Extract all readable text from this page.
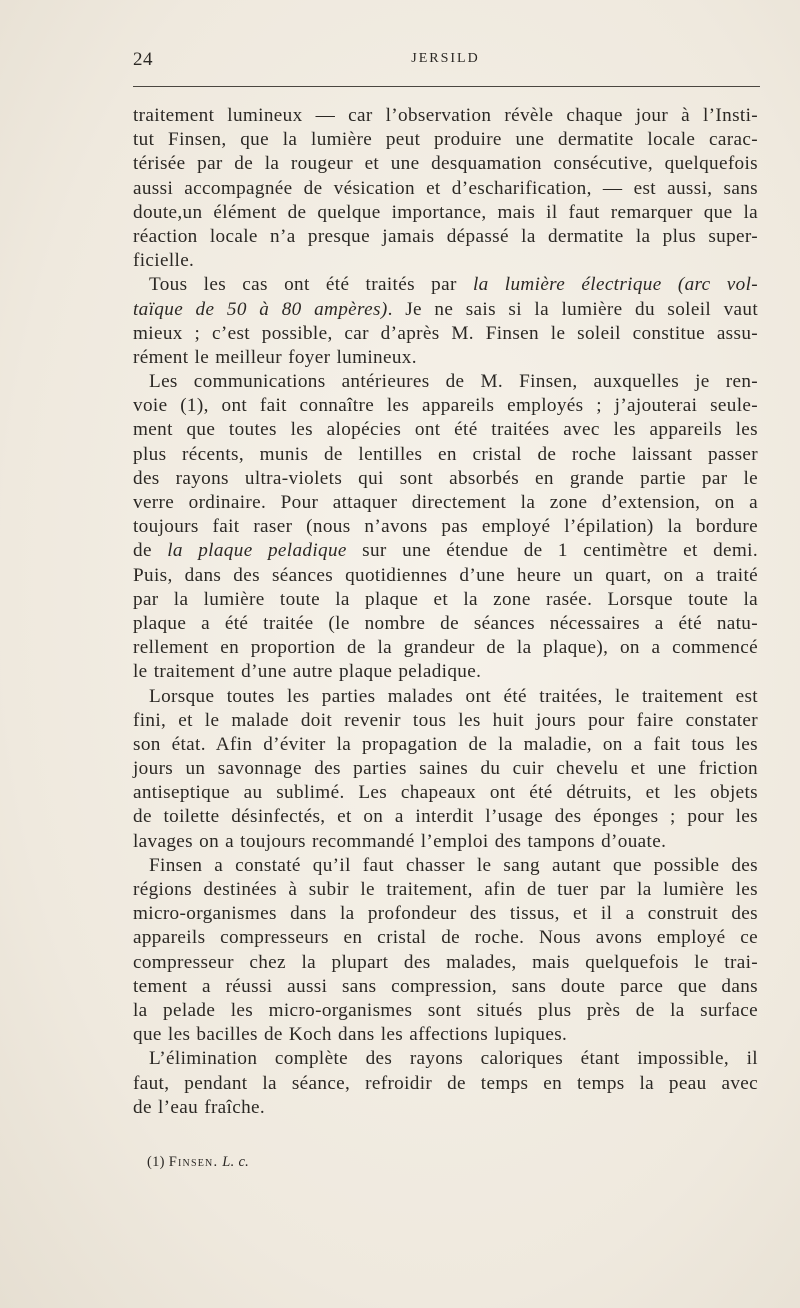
24	JERSILD
traitement lumineux — car l’observation révèle chaque jour à l’Insti-
tut Finsen, que la lumière peut produire une dermatite locale carac-
térisée par de la rougeur et une desquamation consécutive, quelquefois
aussi accompagnée de vésication et d’escharification, — est aussi, sans
doute,un élément de quelque importance, mais il faut remarquer que la
réaction locale n’a presque jamais dépassé la dermatite la plus super-
ficielle.
Tous les cas ont été traités par la lumière électrique (arc vol-
taïque de 50 à 80 ampères). Je ne sais si la lumière du soleil vaut
mieux ; c’est possible, car d’après M. Finsen le soleil constitue assu-
rément le meilleur foyer lumineux.
Les communications antérieures de M. Finsen, auxquelles je ren-
voie (1), ont fait connaître les appareils employés ; j’ajouterai seule-
ment que toutes les alopécies ont été traitées avec les appareils les
plus récents, munis de lentilles en cristal de roche laissant passer
des rayons ultra-violets qui sont absorbés en grande partie par le
verre ordinaire. Pour attaquer directement la zone d’extension, on a
toujours fait raser (nous n’avons pas employé l’épilation) la bordure
de la plaque peladique sur une étendue de 1 centimètre et demi.
Puis, dans des séances quotidiennes d’une heure un quart, on a traité
par la lumière toute la plaque et la zone rasée. Lorsque toute la
plaque a été traitée (le nombre de séances nécessaires a été natu-
rellement en proportion de la grandeur de la plaque), on a commencé
le traitement d’une autre plaque peladique.
Lorsque toutes les parties malades ont été traitées, le traitement est
fini, et le malade doit revenir tous les huit jours pour faire constater
son état. Afin d’éviter la propagation de la maladie, on a fait tous les
jours un savonnage des parties saines du cuir chevelu et une friction
antiseptique au sublimé. Les chapeaux ont été détruits, et les objets
de toilette désinfectés, et on a interdit l’usage des éponges ; pour les
lavages on a toujours recommandé l’emploi des tampons d’ouate.
Finsen a constaté qu’il faut chasser le sang autant que possible des
régions destinées à subir le traitement, afin de tuer par la lumière les
micro-organismes dans la profondeur des tissus, et il a construit des
appareils compresseurs en cristal de roche. Nous avons employé ce
compresseur chez la plupart des malades, mais quelquefois le trai-
tement a réussi aussi sans compression, sans doute parce que dans
la pelade les micro-organismes sont situés plus près de la surface
que les bacilles de Koch dans les affections lupiques.
L’élimination complète des rayons caloriques étant impossible, il
faut, pendant la séance, refroidir de temps en temps la peau avec
de l’eau fraîche.
(1) Finsen. L. c.
